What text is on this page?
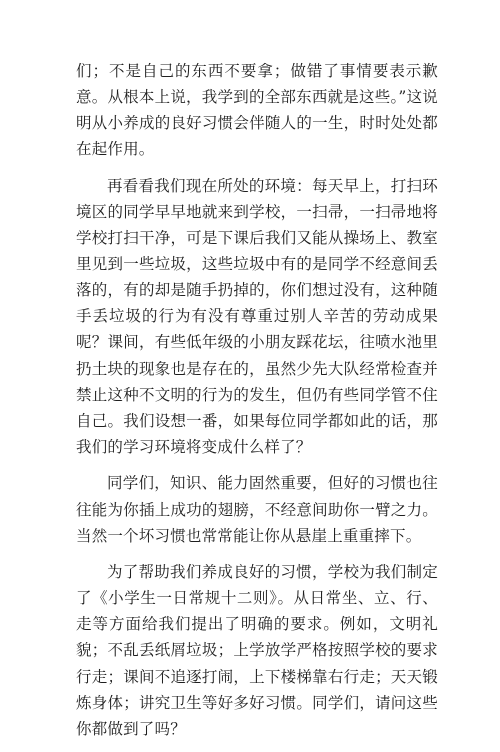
们；不是自己的东西不要拿；做错了事情要表示歉意。从根本上说，我学到的全部东西就是这些。”这说明从小养成的良好习惯会伴随人的一生，时时处处都在起作用。

再看看我们现在所处的环境：每天早上，打扫环境区的同学早早地就来到学校，一扫帚，一扫帚地将学校打扫干净，可是下课后我们又能从操场上、教室里见到一些垃圾，这些垃圾中有的是同学不经意间丢落的，有的却是随手扔掉的，你们想过没有，这种随手丢垃圾的行为有没有尊重过别人辛苦的劳动成果呢？课间，有些低年级的小朋友踩花坛，往喷水池里扔土块的现象也是存在的，虽然少先大队经常检查并禁止这种不文明的行为的发生，但仍有些同学管不住自己。我们设想一番，如果每位同学都如此的话，那我们的学习环境将变成什么样了？

同学们，知识、能力固然重要，但好的习惯也往往能为你插上成功的翅膀，不经意间助你一臂之力。当然一个坏习惯也常常能让你从悬崖上重重摔下。

为了帮助我们养成良好的习惯，学校为我们制定了《小学生一日常规十二则》。从日常坐、立、行、走等方面给我们提出了明确的要求。例如，文明礼貌；不乱丢纸屑垃圾；上学放学严格按照学校的要求行走；课间不追逐打闹，上下楼梯靠右行走；天天锻炼身体；讲究卫生等好多好习惯。同学们，请问这些你都做到了吗？
